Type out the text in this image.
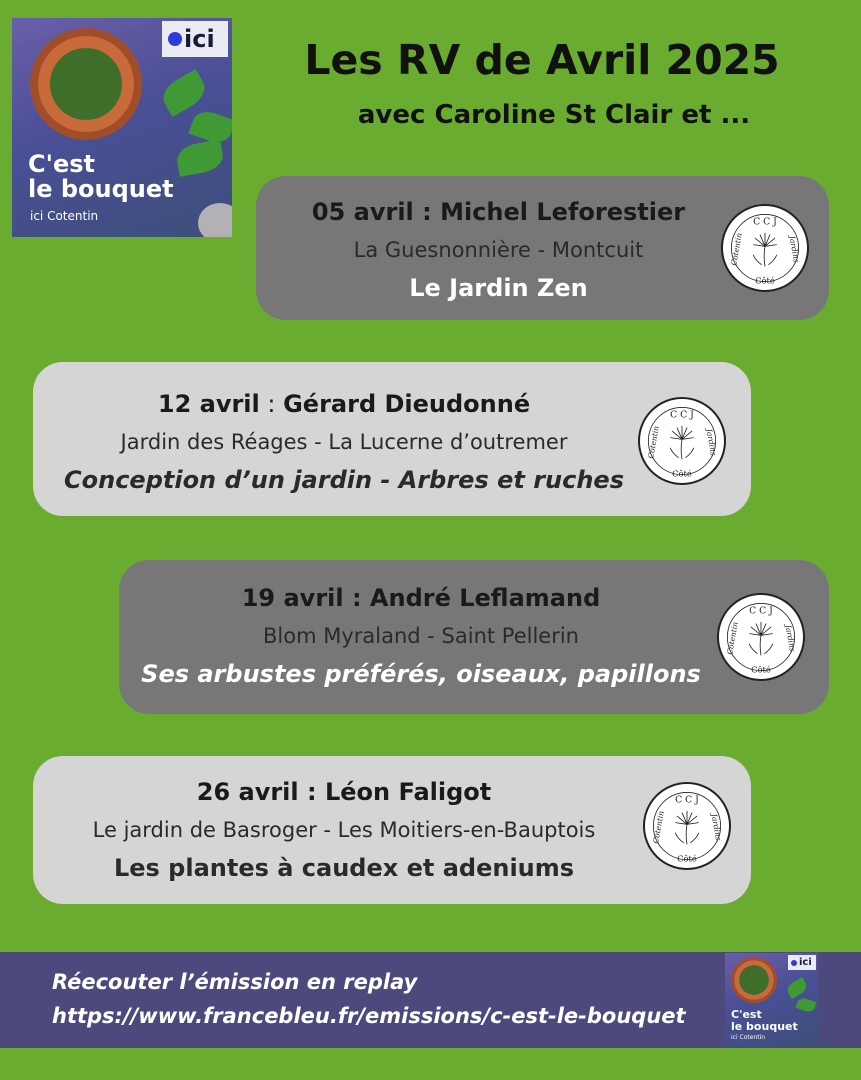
ici
C'est
le bouquet
ici Cotentin
Les RV de Avril 2025
avec Caroline St Clair et ...
05 avril : Michel Leforestier
La Guesnonnière - Montcuit
Le Jardin Zen
C C J
Côté
Cotentin	Jardins
12 avril : Gérard Dieudonné
Jardin des Réages - La Lucerne d’outremer
Conception d’un jardin - Arbres et ruches
C C J
Côté
Cotentin	Jardins
19 avril : André Leflamand
Blom Myraland - Saint Pellerin
Ses arbustes préférés, oiseaux, papillons
C C J
Côté
Cotentin	Jardins
26 avril : Léon Faligot
Le jardin de Basroger - Les Moitiers-en-Bauptois
Les plantes à caudex et adeniums
C C J
Côté
Cotentin	Jardins
Réecouter l’émission en replay
https://www.francebleu.fr/emissions/c-est-le-bouquet
ici
C'est
le bouquet
ici Cotentin
